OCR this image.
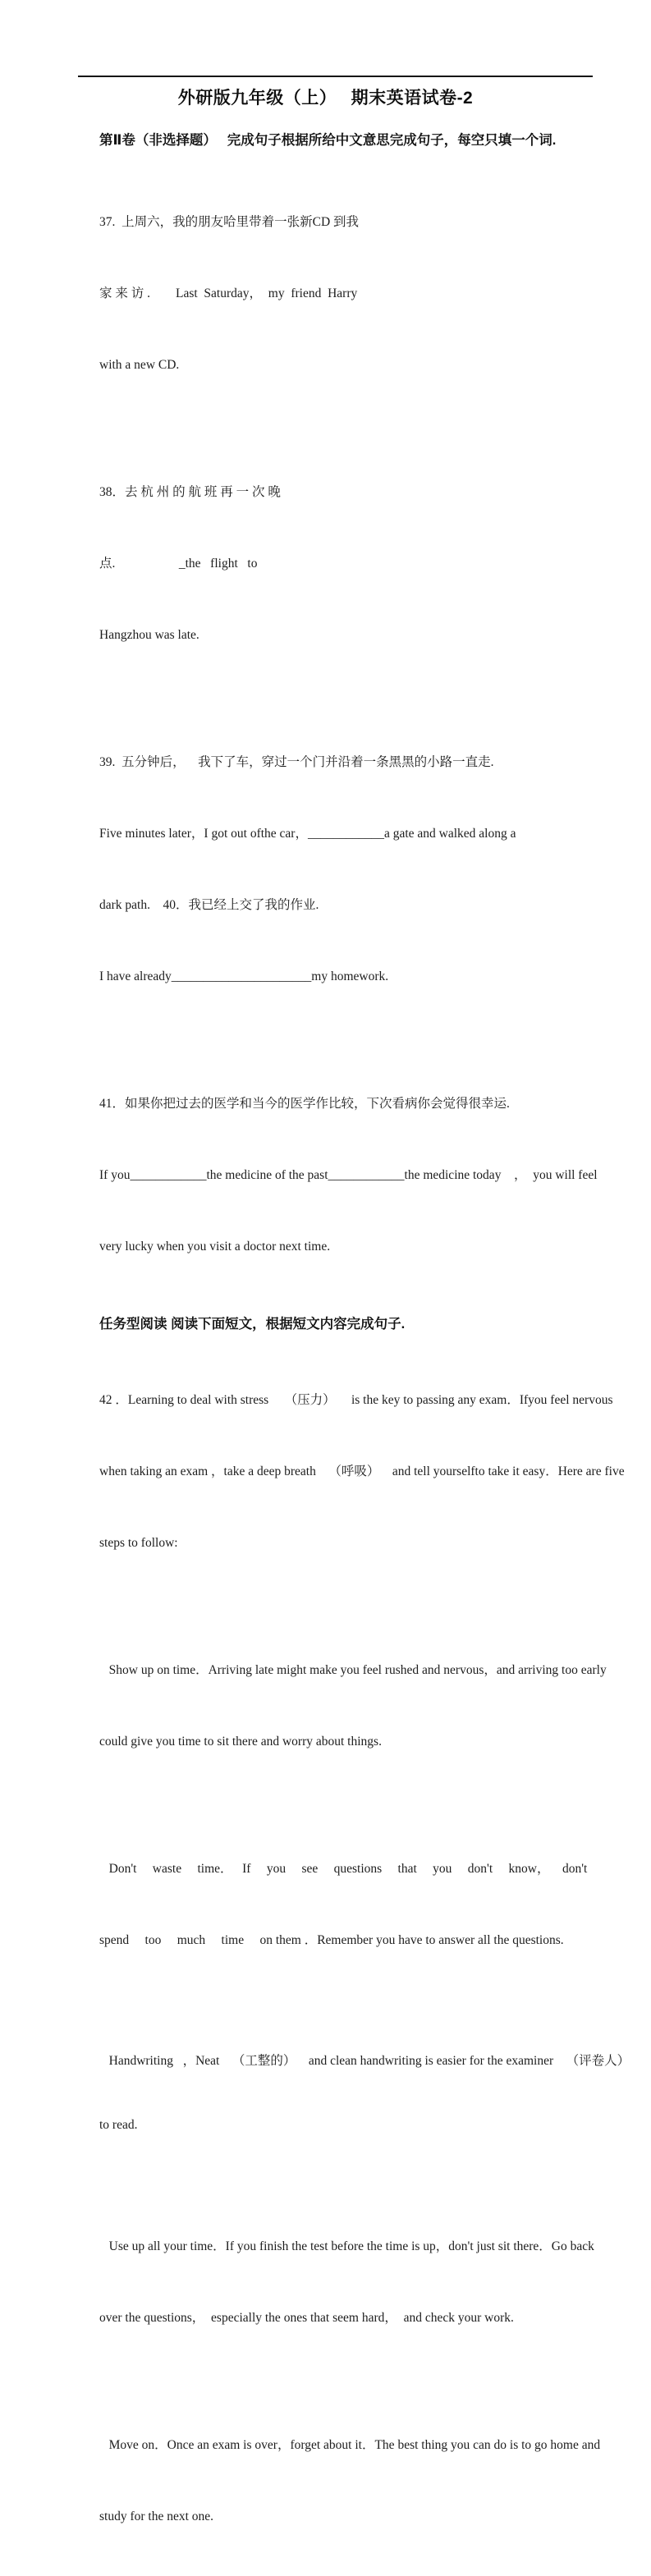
外研版九年级（上）　 期末英语试卷-2
第Ⅱ卷（非选择题）　 完成句子根据所给中文意思完成句子，每空只填一个词.

37.  上周六，我的朋友哈里带着一张新CD 到我

家 来 访 .        Last  Saturday，  my  friend  Harry

with a new CD.

38．去 杭 州 的 航 班 再 一 次 晚

点.                    _the   flight   to

Hangzhou was late.

39.  五分钟后，    我下了车，穿过一个门并沿着一条黑黑的小路一直走.

Five minutes later，I got out ofthe car，____________a gate and walked along a

dark path.    40．我已经上交了我的作业.

I have already______________________my homework.

41．如果你把过去的医学和当今的医学作比较，下次看病你会觉得很幸运.

If you____________the medicine of the past____________the medicine today　，  you will feel

very lucky when you visit a doctor next time.

任务型阅读 阅读下面短文，根据短文内容完成句子.

42 ．Learning to deal with stress     （压力）     is the key to passing any exam．Ifyou feel nervous

when taking an exam ，take a deep breath    （呼吸）    and tell yourselfto take it easy．Here are five

steps to follow:

Show up on time．Arriving late might make you feel rushed and nervous，and arriving too early

could give you time to sit there and worry about things.

Don't     waste     time．   If     you     see     questions     that     you     don't     know，    don't

spend     too     much     time     on them ．Remember you have to answer all the questions.

Handwriting   ，Neat    （工整的）    and clean handwriting is easier for the examiner    （评卷人）

to read.

Use up all your time．If you finish the test before the time is up，don't just sit there．Go back

over the questions，  especially the ones that seem hard，  and check your work.

Move on．Once an exam is over，forget about it．The best thing you can do is to go home and

study for the next one.
